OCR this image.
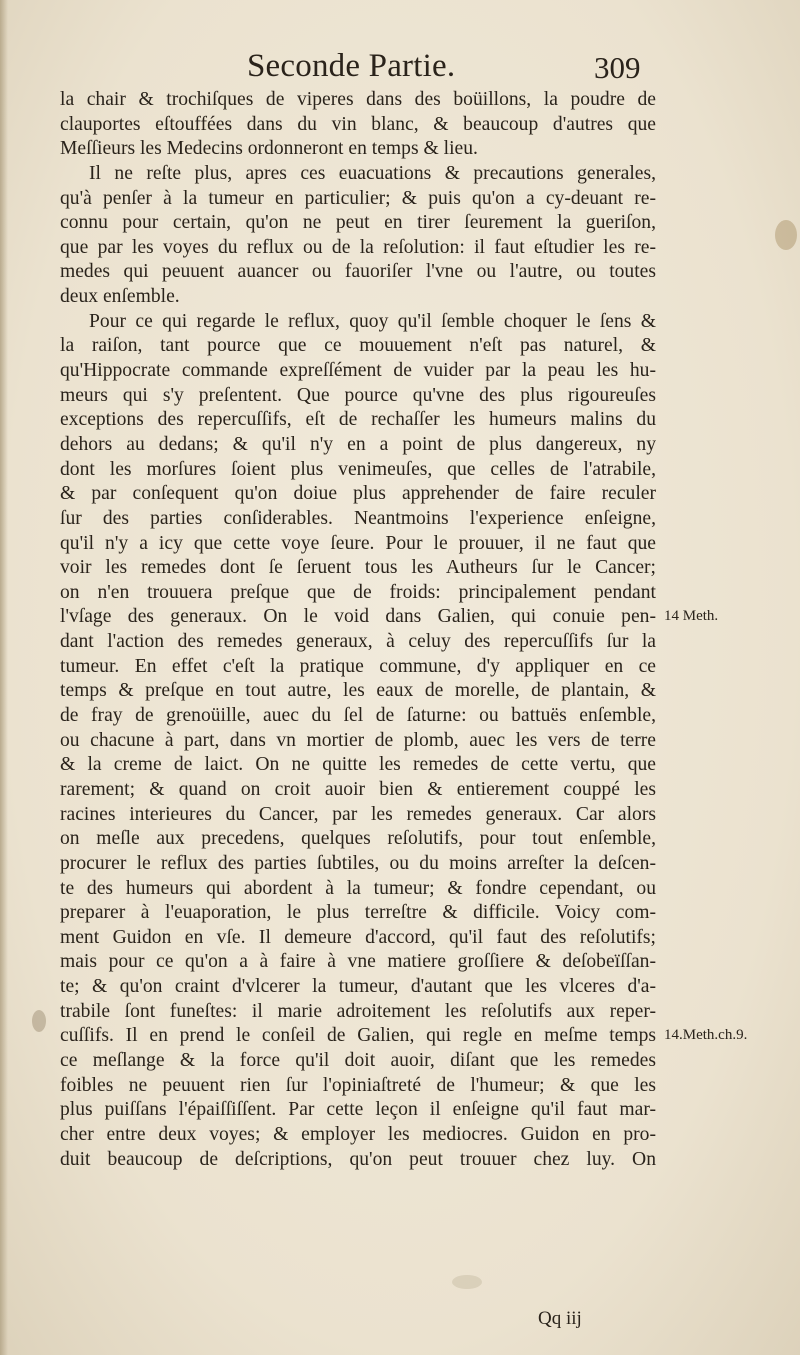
Seconde Partie.	309
la chair & trochiſques de viperes dans des boüillons, la poudre de
clauportes eſtouffées dans du vin blanc, & beaucoup d'autres que
Meſſieurs les Medecins ordonneront en temps & lieu.
Il ne reſte plus, apres ces euacuations & precautions generales,
qu'à penſer à la tumeur en particulier; & puis qu'on a cy-deuant re-
connu pour certain, qu'on ne peut en tirer ſeurement la gueriſon,
que par les voyes du reflux ou de la reſolution: il faut eſtudier les re-
medes qui peuuent auancer ou fauoriſer l'vne ou l'autre, ou toutes
deux enſemble.
Pour ce qui regarde le reflux, quoy qu'il ſemble choquer le ſens &
la raiſon, tant pource que ce mouuement n'eſt pas naturel, &
qu'Hippocrate commande expreſſément de vuider par la peau les hu-
meurs qui s'y preſentent. Que pource qu'vne des plus rigoureuſes
exceptions des repercuſſifs, eſt de rechaſſer les humeurs malins du
dehors au dedans; & qu'il n'y en a point de plus dangereux, ny
dont les morſures ſoient plus venimeuſes, que celles de l'atrabile,
& par conſequent qu'on doiue plus apprehender de faire reculer
ſur des parties conſiderables. Neantmoins l'experience enſeigne,
qu'il n'y a icy que cette voye ſeure. Pour le prouuer, il ne faut que
voir les remedes dont ſe ſeruent tous les Autheurs ſur le Cancer;
on n'en trouuera preſque que de froids: principalement pendant
l'vſage des generaux. On le void dans Galien, qui conuie pen-
dant l'action des remedes generaux, à celuy des repercuſſifs ſur la
tumeur. En effet c'eſt la pratique commune, d'y appliquer en ce
temps & preſque en tout autre, les eaux de morelle, de plantain, &
de fray de grenoüille, auec du ſel de ſaturne: ou battuës enſemble,
ou chacune à part, dans vn mortier de plomb, auec les vers de terre
& la creme de laict. On ne quitte les remedes de cette vertu, que
rarement; & quand on croit auoir bien & entierement couppé les
racines interieures du Cancer, par les remedes generaux. Car alors
on meſle aux precedens, quelques reſolutifs, pour tout enſemble,
procurer le reflux des parties ſubtiles, ou du moins arreſter la deſcen-
te des humeurs qui abordent à la tumeur; & fondre cependant, ou
preparer à l'euaporation, le plus terreſtre & difficile. Voicy com-
ment Guidon en vſe. Il demeure d'accord, qu'il faut des reſolutifs;
mais pour ce qu'on a à faire à vne matiere groſſiere & deſobeïſſan-
te; & qu'on craint d'vlcerer la tumeur, d'autant que les vlceres d'a-
trabile ſont funeſtes: il marie adroitement les reſolutifs aux reper-
cuſſifs. Il en prend le conſeil de Galien, qui regle en meſme temps
ce meſlange & la force qu'il doit auoir, diſant que les remedes
foibles ne peuuent rien ſur l'opiniaſtreté de l'humeur; & que les
plus puiſſans l'épaiſſiſſent. Par cette leçon il enſeigne qu'il faut mar-
cher entre deux voyes; & employer les mediocres. Guidon en pro-
duit beaucoup de deſcriptions, qu'on peut trouuer chez luy. On
14 Meth.
14.Meth.ch.9.
Qq iij
